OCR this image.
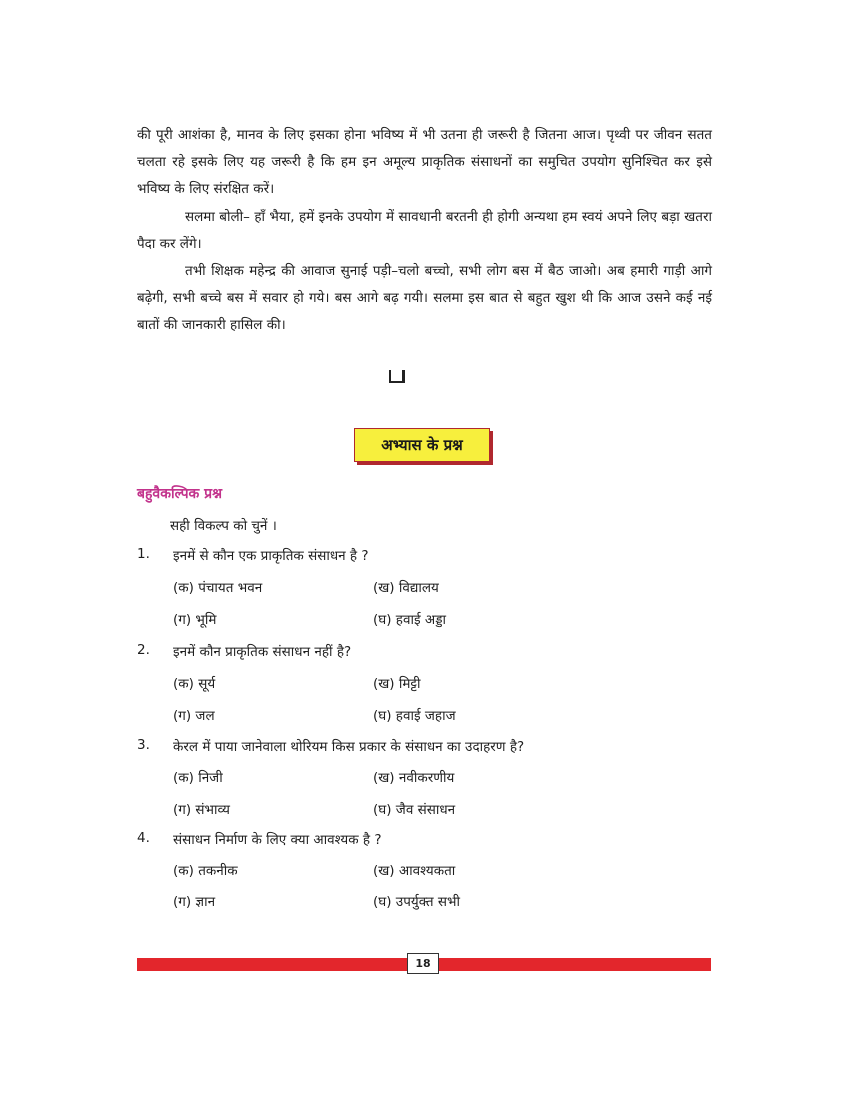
की पूरी आशंका है, मानव के लिए इसका होना भविष्य में भी उतना ही जरूरी है जितना आज। पृथ्वी पर जीवन सतत चलता रहे इसके लिए यह जरूरी है कि हम इन अमूल्य प्राकृतिक संसाधनों का समुचित उपयोग सुनिश्चित कर इसे भविष्य के लिए संरक्षित करें।

सलमा बोली– हाँ भैया, हमें इनके उपयोग में सावधानी बरतनी ही होगी अन्यथा हम स्वयं अपने लिए बड़ा खतरा पैदा कर लेंगे।

तभी शिक्षक महेन्द्र की आवाज सुनाई पड़ी–चलो बच्चो, सभी लोग बस में बैठ जाओ। अब हमारी गाड़ी आगे बढ़ेगी, सभी बच्चे बस में सवार हो गये। बस आगे बढ़ गयी। सलमा इस बात से बहुत खुश थी कि आज उसने कई नई बातों की जानकारी हासिल की।

अभ्यास के प्रश्न
बहुवैकल्पिक प्रश्न
सही विकल्प को चुनें ।
1. इनमें से कौन एक प्राकृतिक संसाधन है ?
(क) पंचायत भवन	(ख) विद्यालय
(ग) भूमि	(घ) हवाई अड्डा
2. इनमें कौन प्राकृतिक संसाधन नहीं है?
(क) सूर्य	(ख) मिट्टी
(ग) जल	(घ) हवाई जहाज
3. केरल में पाया जानेवाला थोरियम किस प्रकार के संसाधन का उदाहरण है?
(क) निजी	(ख) नवीकरणीय
(ग) संभाव्य	(घ) जैव संसाधन
4. संसाधन निर्माण के लिए क्या आवश्यक है ?
(क) तकनीक	(ख) आवश्यकता
(ग) ज्ञान	(घ) उपर्युक्त सभी
18
